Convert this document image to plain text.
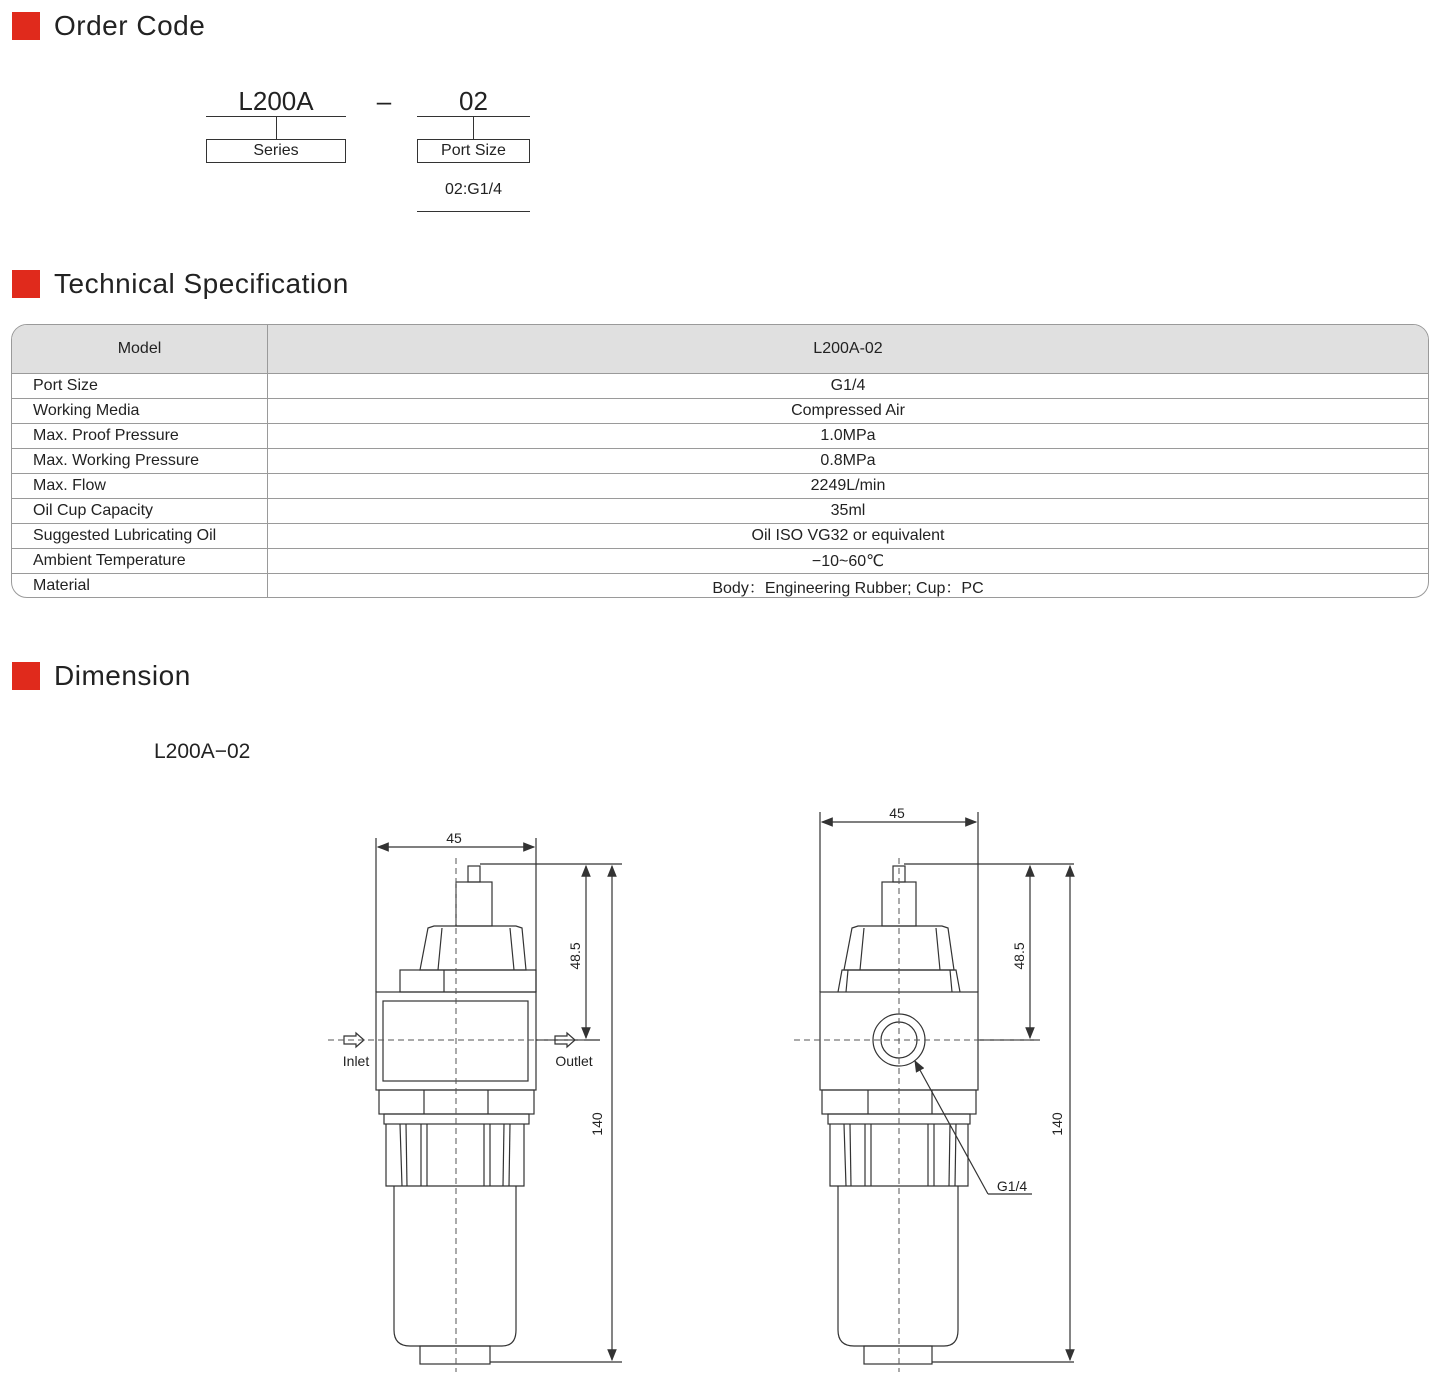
Order Code
L200A
Series
–	02
Port Size
02:G1/4
Technical Specification
Model	L200A-02
Port Size	G1/4
Working Media	Compressed Air
Max. Proof Pressure	1.0MPa
Max. Working Pressure	0.8MPa
Max. Flow	2249L/min
Oil Cup Capacity	35ml
Suggested Lubricating Oil	Oil ISO VG32 or equivalent
Ambient Temperature	−10~60℃
Material	Body：Engineering Rubber; Cup：PC
Dimension
L200A−02
45
48.5
140
Inlet	Outlet
45
48.5
140
G1/4
